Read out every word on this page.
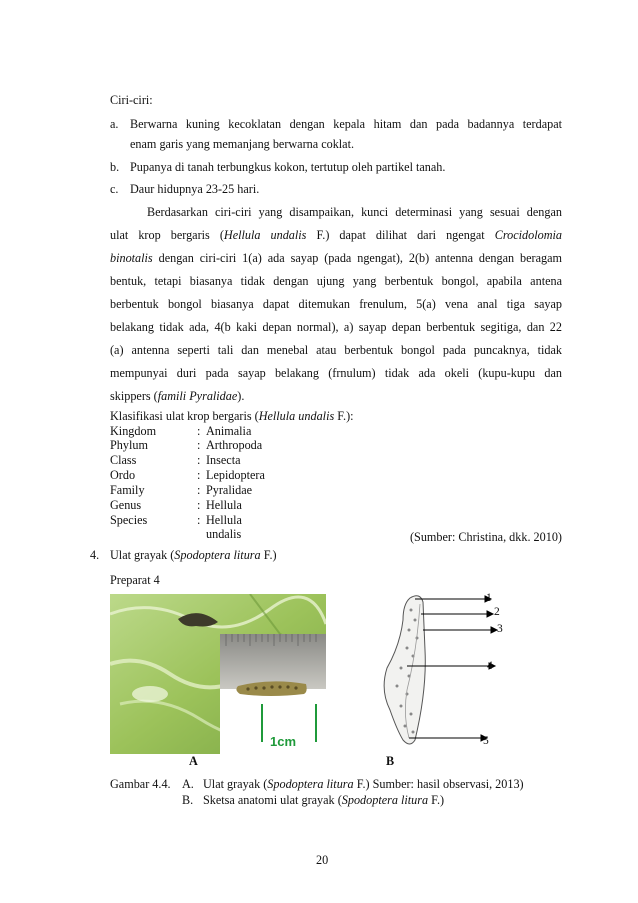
Ciri-ciri:
a. Berwarna kuning kecoklatan dengan kepala hitam dan pada badannya terdapat
enam garis yang memanjang berwarna coklat.
b. Pupanya di tanah terbungkus kokon, tertutup oleh partikel tanah.
c. Daur hidupnya 23-25 hari.
Berdasarkan ciri-ciri yang disampaikan, kunci determinasi yang sesuai dengan
ulat krop bergaris (Hellula undalis F.) dapat dilihat dari ngengat Crocidolomia
binotalis dengan ciri-ciri 1(a) ada sayap (pada ngengat), 2(b) antenna dengan beragam
bentuk, tetapi biasanya tidak dengan ujung yang berbentuk bongol, apabila antena
berbentuk bongol biasanya dapat ditemukan frenulum, 5(a) vena anal tiga sayap
belakang tidak ada, 4(b kaki depan normal), a) sayap depan berbentuk segitiga, dan 22
(a) antenna seperti tali dan menebal atau berbentuk bongol pada puncaknya, tidak
mempunyai duri pada sayap belakang (frnulum) tidak ada okeli (kupu-kupu dan
skippers (famili Pyralidae).
Klasifikasi ulat krop bergaris (Hellula undalis F.):
Kingdom	: Animalia
Phylum	: Arthropoda
Class	: Insecta
Ordo	: Lepidoptera
Family	: Pyralidae
Genus	: Hellula
Species	: Hellula undalis	(Sumber: Christina, dkk. 2010)
4. Ulat grayak (Spodoptera litura F.)
Preparat 4
1cm
1
2
3
4
5
A	B
Gambar 4.4. A. Ulat grayak (Spodoptera litura F.) Sumber: hasil observasi, 2013)
B. Sketsa anatomi ulat grayak (Spodoptera litura F.)
20
